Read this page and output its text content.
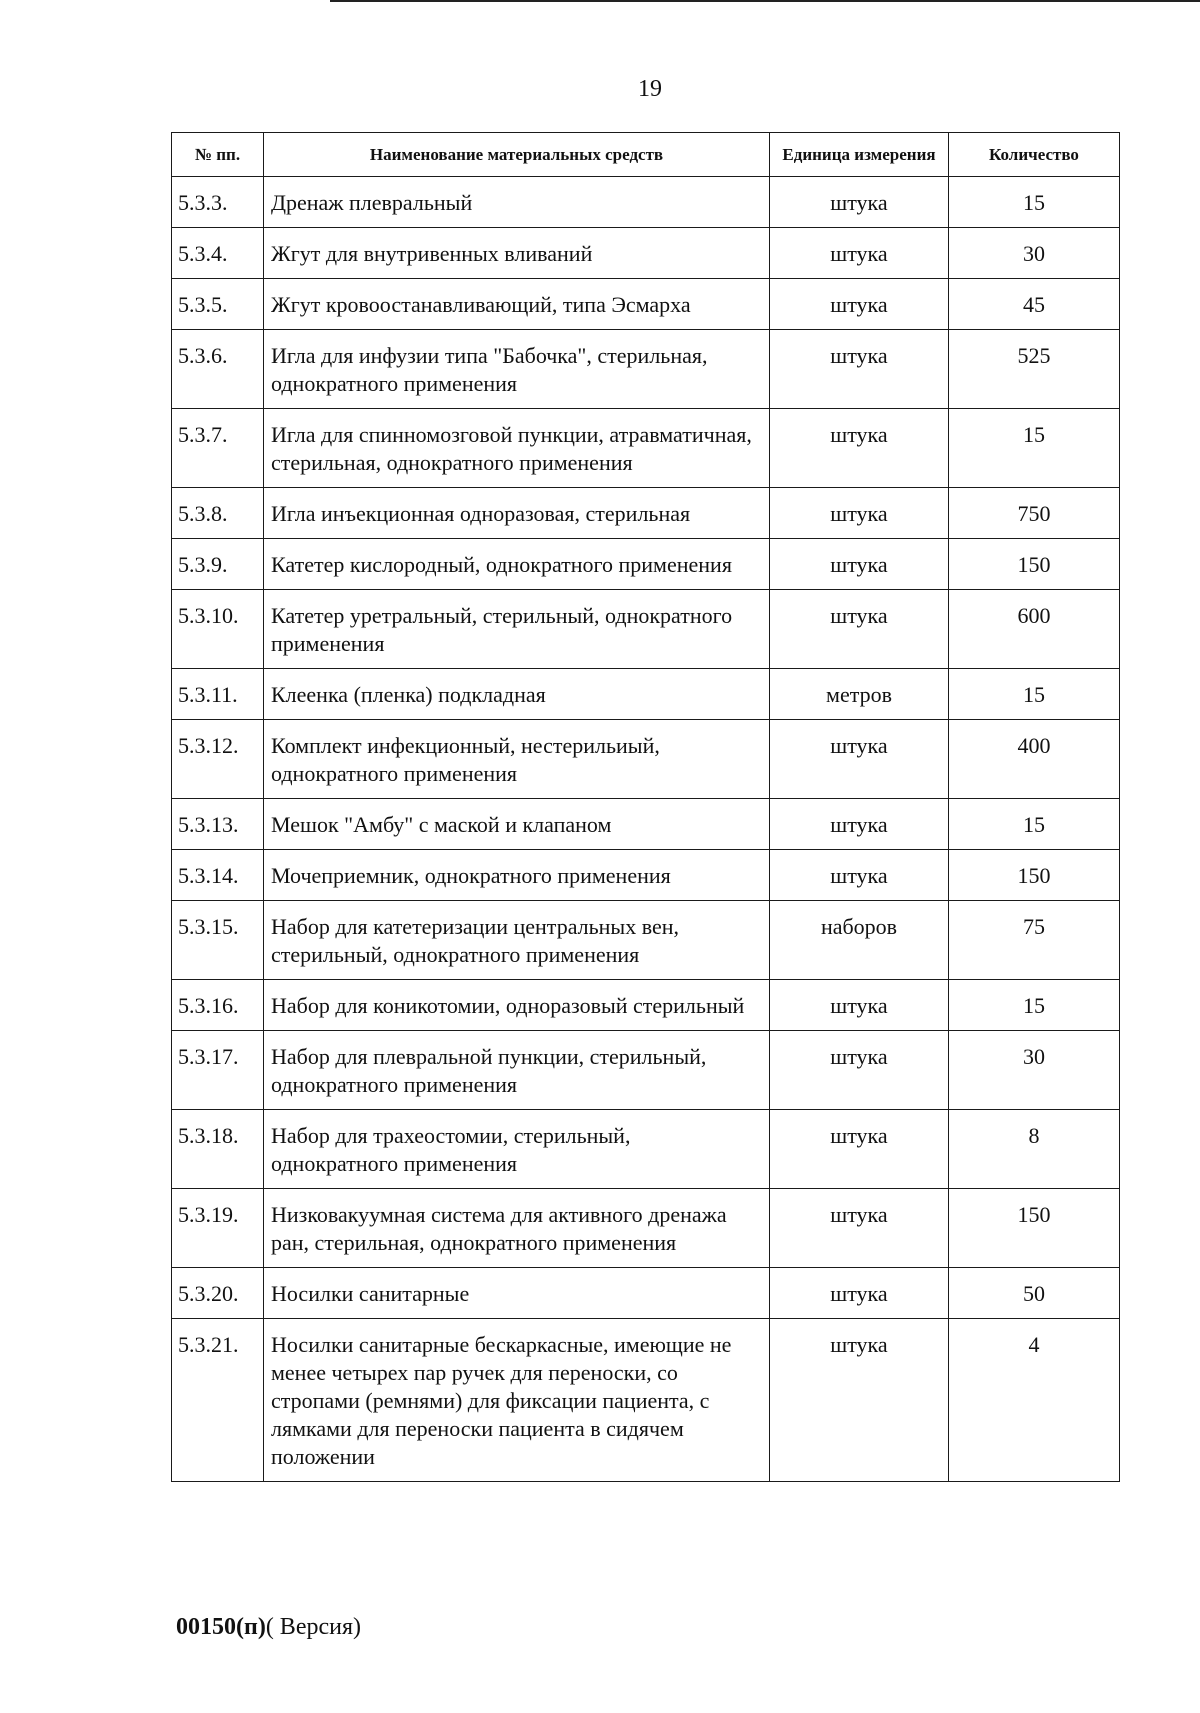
19
№ пп.	Наименование материальных средств	Единица измерения	Количество
5.3.3.	Дренаж плевральный	штука	15
5.3.4.	Жгут для внутривенных вливаний	штука	30
5.3.5.	Жгут кровоостанавливающий, типа Эсмарха	штука	45
5.3.6.	Игла для инфузии типа "Бабочка", стерильная, однократного применения	штука	525
5.3.7.	Игла для спинномозговой пункции, атравматичная, стерильная, однократного применения	штука	15
5.3.8.	Игла инъекционная одноразовая, стерильная	штука	750
5.3.9.	Катетер кислородный, однократного применения	штука	150
5.3.10.	Катетер уретральный, стерильный, однократного применения	штука	600
5.3.11.	Клеенка (пленка) подкладная	метров	15
5.3.12.	Комплект инфекционный, нестерильиый, однократного применения	штука	400
5.3.13.	Мешок "Амбу" с маской и клапаном	штука	15
5.3.14.	Мочеприемник, однократного применения	штука	150
5.3.15.	Набор для катетеризации центральных вен, стерильный, однократного применения	наборов	75
5.3.16.	Набор для коникотомии, одноразовый стерильный	штука	15
5.3.17.	Набор для плевральной пункции, стерильный, однократного применения	штука	30
5.3.18.	Набор для трахеостомии, стерильный, однократного применения	штука	8
5.3.19.	Низковакуумная система для активного дренажа ран, стерильная, однократного применения	штука	150
5.3.20.	Носилки санитарные	штука	50
5.3.21.	Носилки санитарные бескаркасные, имеющие не менее четырех пар ручек для переноски, со стропами (ремнями) для фиксации пациента, с лямками для переноски пациента в сидячем положении	штука	4
00150(п)( Версия)
